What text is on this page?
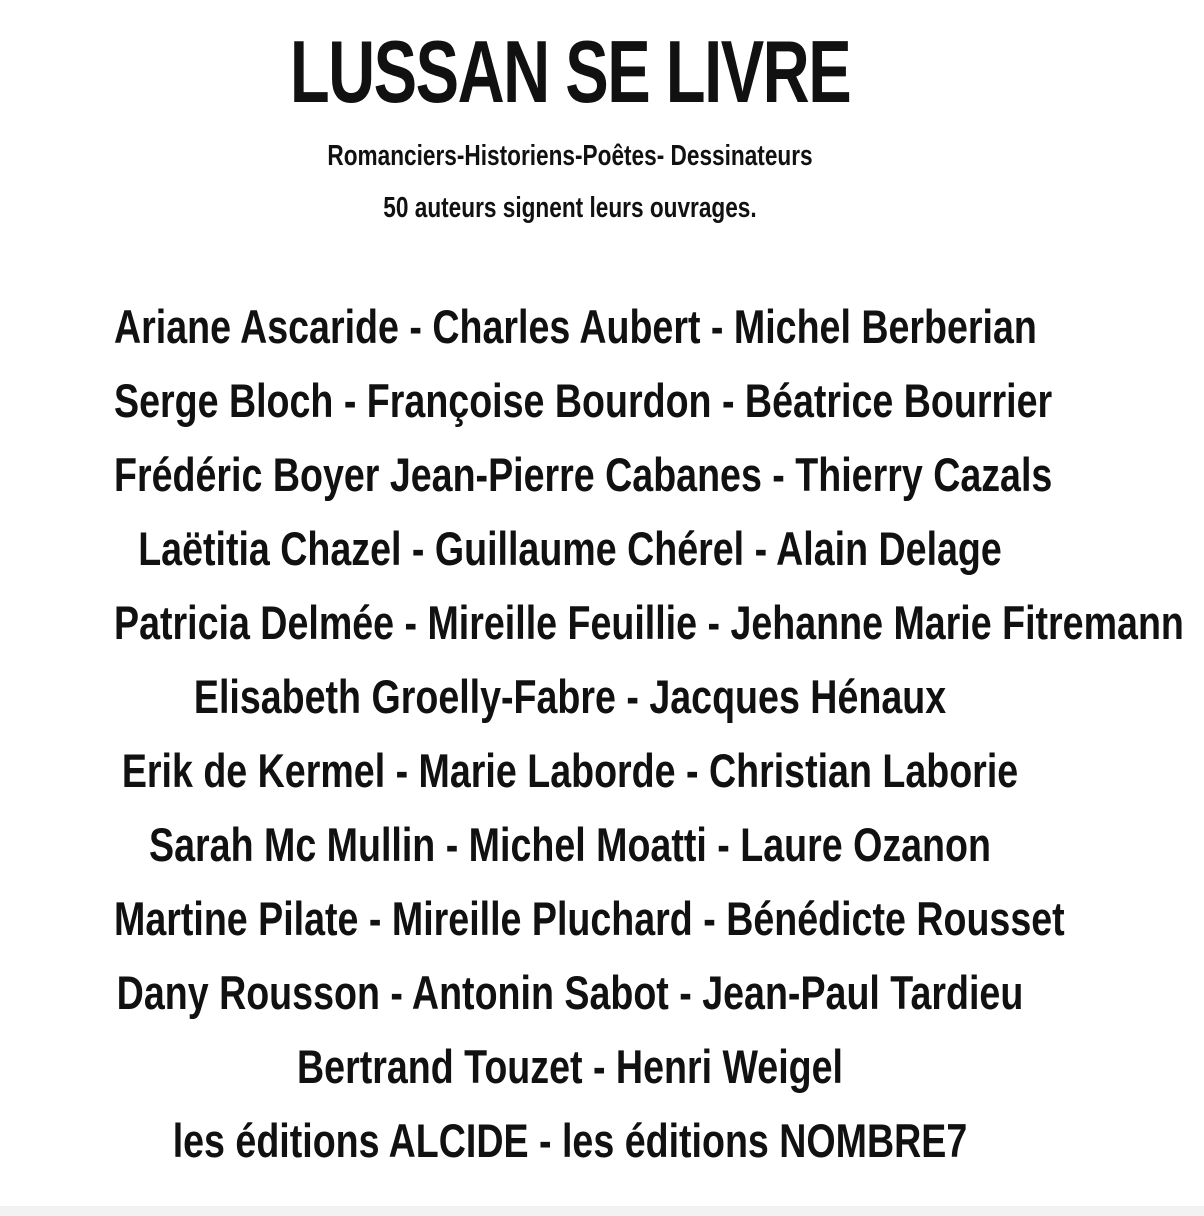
LUSSAN SE LIVRE
Romanciers-Historiens-Poêtes- Dessinateurs
50 auteurs signent leurs ouvrages.
Ariane Ascaride - Charles Aubert - Michel Berberian
Serge Bloch - Françoise Bourdon - Béatrice Bourrier
Frédéric Boyer Jean-Pierre Cabanes - Thierry Cazals
Laëtitia Chazel - Guillaume Chérel - Alain Delage
Patricia Delmée - Mireille Feuillie - Jehanne Marie Fitremann
Elisabeth Groelly-Fabre - Jacques Hénaux
Erik de Kermel - Marie Laborde - Christian Laborie
Sarah Mc Mullin - Michel Moatti - Laure Ozanon
Martine Pilate - Mireille Pluchard - Bénédicte Rousset
Dany Rousson - Antonin Sabot - Jean-Paul Tardieu
Bertrand Touzet - Henri Weigel
les éditions ALCIDE - les éditions NOMBRE7
